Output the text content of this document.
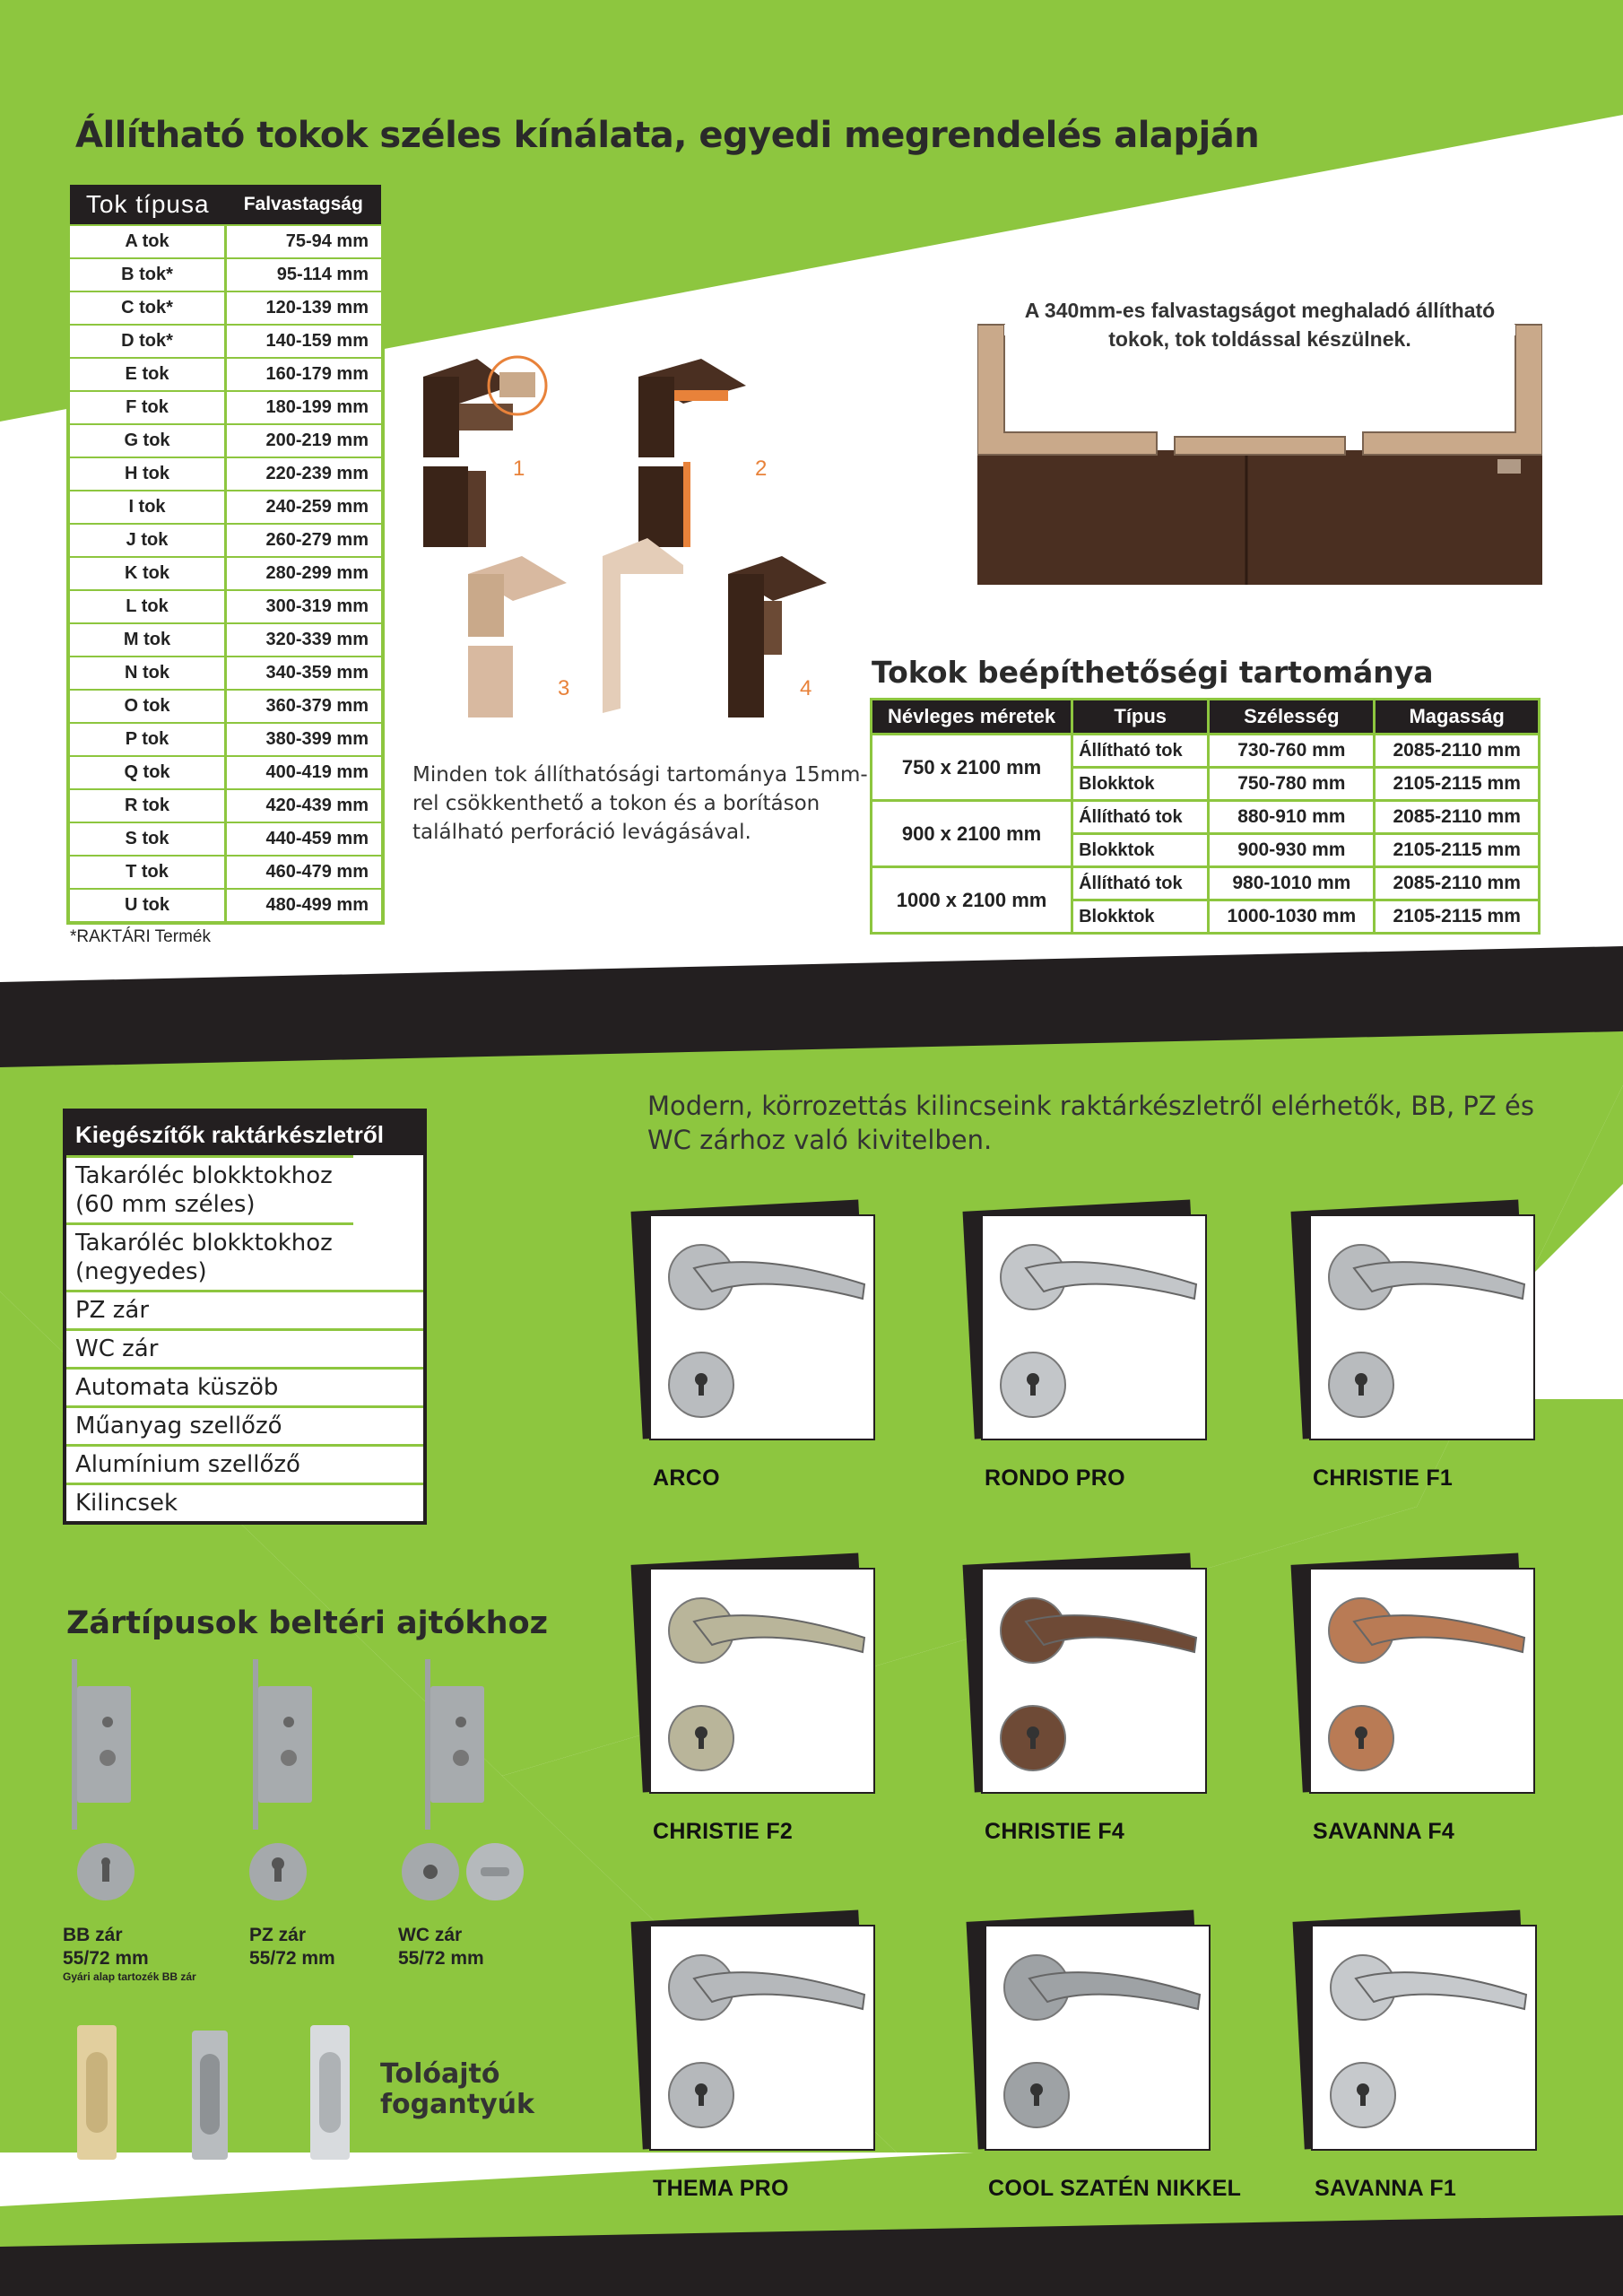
Állítható tokok széles kínálata, egyedi megrendelés alapján
Tok típusa	Falvastagság
A tok	75-94 mm
B tok*	95-114 mm
C tok*	120-139 mm
D tok*	140-159 mm
E tok	160-179 mm
F tok	180-199 mm
G tok	200-219 mm
H tok	220-239 mm
I tok	240-259 mm
J tok	260-279 mm
K tok	280-299 mm
L tok	300-319 mm
M tok	320-339 mm
N tok	340-359 mm
O tok	360-379 mm
P tok	380-399 mm
Q tok	400-419 mm
R tok	420-439 mm
S tok	440-459 mm
T tok	460-479 mm
U tok	480-499 mm
*RAKTÁRI Termék
1	2
3	4
Minden tok állíthatósági tartománya 15mm-rel csökkenthető a tokon és a borításon található perforáció levágásával.
A 340mm-es falvastagságot meghaladó állítható tokok, tok toldással készülnek.
Tokok beépíthetőségi tartománya
Névleges méretek	Típus	Szélesség	Magasság
750 x 2100 mm	Állítható tok	730-760 mm	2085-2110 mm
	Blokktok	750-780 mm	2105-2115 mm
900 x 2100 mm	Állítható tok	880-910 mm	2085-2110 mm
	Blokktok	900-930 mm	2105-2115 mm
1000 x 2100 mm	Állítható tok	980-1010 mm	2085-2110 mm
	Blokktok	1000-1030 mm	2105-2115 mm
Kiegészítők raktárkészletről
Takaróléc blokktokhoz (60 mm széles)
Takaróléc blokktokhoz (negyedes)
PZ zár
WC zár
Automata küszöb
Műanyag szellőző
Alumínium szellőző
Kilincsek
Modern, körrozettás kilincseink raktárkészletről elérhetők, BB, PZ és WC zárhoz való kivitelben.
Zártípusok beltéri ajtókhoz
BB zár
55/72 mm
Gyári alap tartozék BB zár
PZ zár
55/72 mm
WC zár
55/72 mm
Tolóajtó
fogantyúk
ARCO	RONDO PRO	CHRISTIE F1
CHRISTIE F2	CHRISTIE F4	SAVANNA F4
THEMA PRO	COOL SZATÉN NIKKEL	SAVANNA F1
